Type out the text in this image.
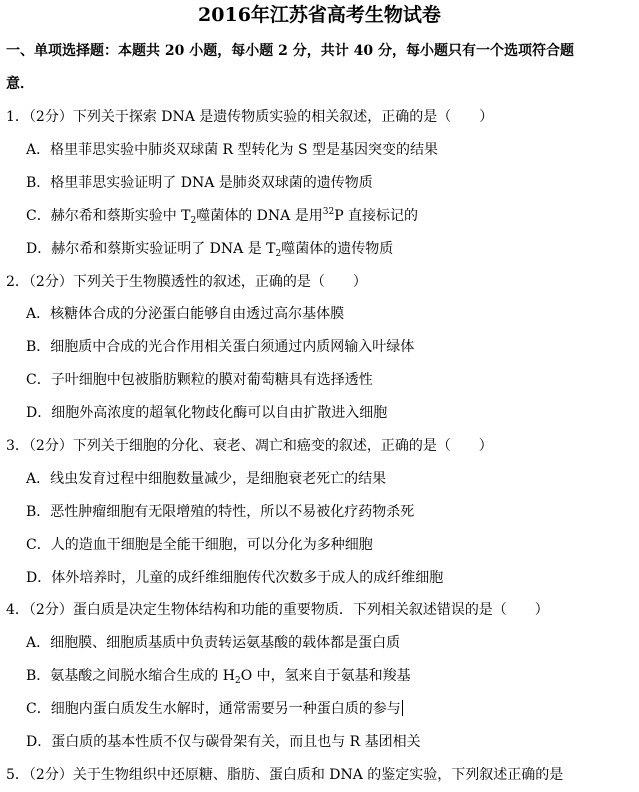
2016年江苏省高考生物试卷
一、单项选择题：本题共 20 小题，每小题 2 分，共计 40 分，每小题只有一个选项符合题
意．
1．（2分）下列关于探索 DNA 是遗传物质实验的相关叙述，正确的是（　　）
A．格里菲思实验中肺炎双球菌 R 型转化为 S 型是基因突变的结果
B．格里菲思实验证明了 DNA 是肺炎双球菌的遗传物质
C．赫尔希和蔡斯实验中 $T_2$噬菌体的 DNA 是用$^{32}$P 直接标记的
D．赫尔希和蔡斯实验证明了 DNA 是 $T_2$噬菌体的遗传物质
2．（2分）下列关于生物膜透性的叙述，正确的是（　　）
A．核糖体合成的分泌蛋白能够自由透过高尔基体膜
B．细胞质中合成的光合作用相关蛋白须通过内质网输入叶绿体
C．子叶细胞中包被脂肪颗粒的膜对葡萄糖具有选择透性
D．细胞外高浓度的超氧化物歧化酶可以自由扩散进入细胞
3．（2分）下列关于细胞的分化、衰老、凋亡和癌变的叙述，正确的是（　　）
A．线虫发育过程中细胞数量减少，是细胞衰老死亡的结果
B．恶性肿瘤细胞有无限增殖的特性，所以不易被化疗药物杀死
C．人的造血干细胞是全能干细胞，可以分化为多种细胞
D．体外培养时，儿童的成纤维细胞传代次数多于成人的成纤维细胞
4．（2分）蛋白质是决定生物体结构和功能的重要物质．下列相关叙述错误的是（　　）
A．细胞膜、细胞质基质中负责转运氨基酸的载体都是蛋白质
B．氨基酸之间脱水缩合生成的 $H_2O$ 中，氢来自于氨基和羧基
C．细胞内蛋白质发生水解时，通常需要另一种蛋白质的参与
D．蛋白质的基本性质不仅与碳骨架有关，而且也与 R 基团相关
5．（2分）关于生物组织中还原糖、脂肪、蛋白质和 DNA 的鉴定实验，下列叙述正确的是
